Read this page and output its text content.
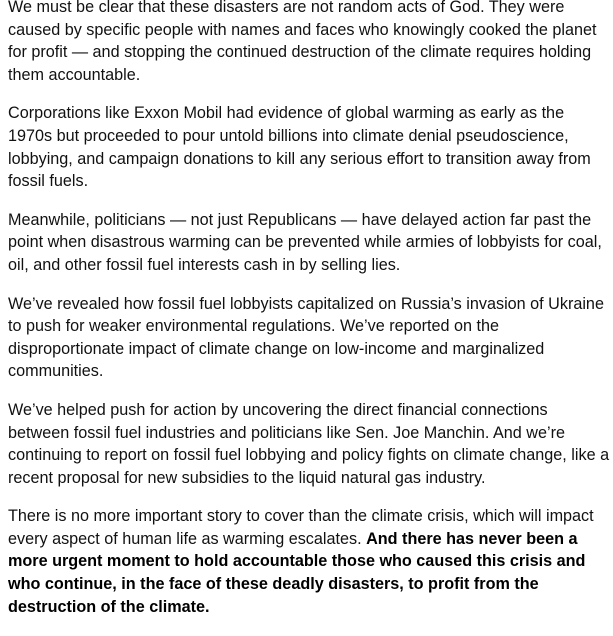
We must be clear that these disasters are not random acts of God. They were caused by specific people with names and faces who knowingly cooked the planet for profit — and stopping the continued destruction of the climate requires holding them accountable.

Corporations like Exxon Mobil had evidence of global warming as early as the 1970s but proceeded to pour untold billions into climate denial pseudoscience, lobbying, and campaign donations to kill any serious effort to transition away from fossil fuels.

Meanwhile, politicians — not just Republicans — have delayed action far past the point when disastrous warming can be prevented while armies of lobbyists for coal, oil, and other fossil fuel interests cash in by selling lies.

We’ve revealed how fossil fuel lobbyists capitalized on Russia’s invasion of Ukraine to push for weaker environmental regulations. We’ve reported on the disproportionate impact of climate change on low-income and marginalized communities.

We’ve helped push for action by uncovering the direct financial connections between fossil fuel industries and politicians like Sen. Joe Manchin. And we’re continuing to report on fossil fuel lobbying and policy fights on climate change, like a recent proposal for new subsidies to the liquid natural gas industry.

There is no more important story to cover than the climate crisis, which will impact every aspect of human life as warming escalates. And there has never been a more urgent moment to hold accountable those who caused this crisis and who continue, in the face of these deadly disasters, to profit from the destruction of the climate.
